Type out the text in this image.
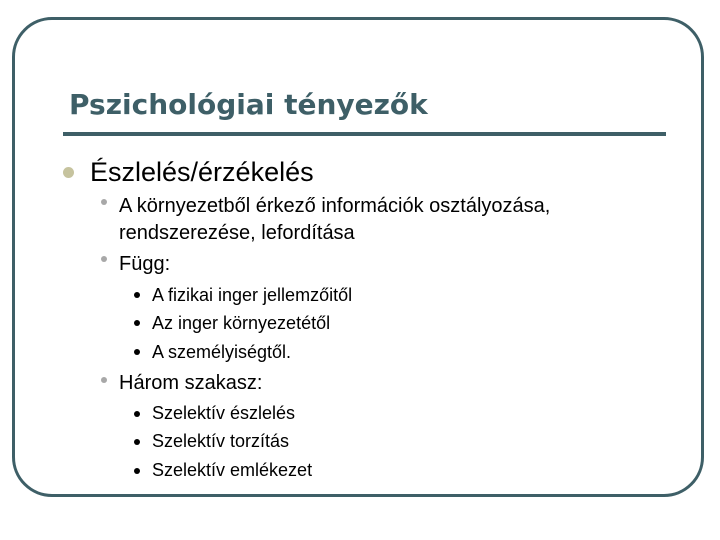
Pszichológiai tényezők
Észlelés/érzékelés
A környezetből érkező információk osztályozása,
rendszerezése, lefordítása
Függ:
A fizikai inger jellemzőitől
Az inger környezetétől
A személyiségtől.
Három szakasz:
Szelektív észlelés
Szelektív torzítás
Szelektív emlékezet
